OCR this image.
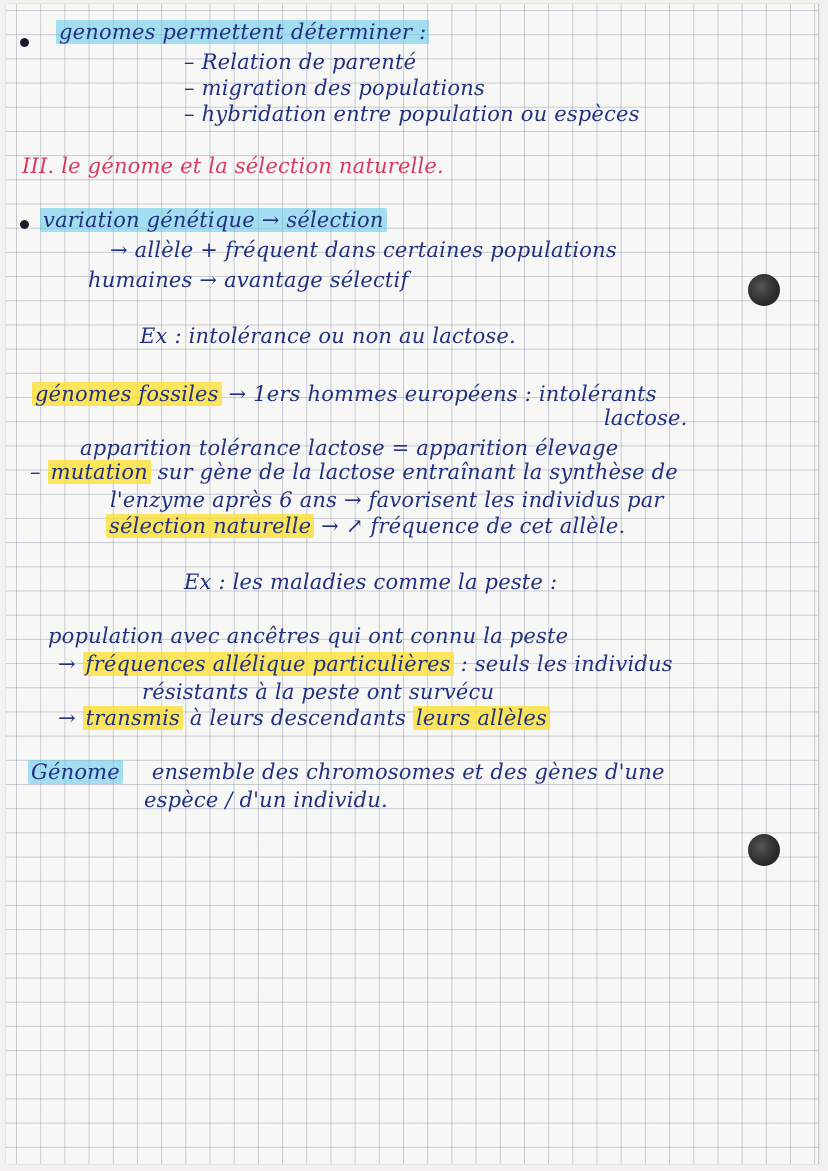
genomes permettent déterminer :
– Relation de parenté
– migration des populations
– hybridation entre population ou espèces
III. le génome et la sélection naturelle.
variation génétique → sélection
→ allèle + fréquent dans certaines populations
humaines → avantage sélectif
Ex : intolérance ou non au lactose.
génomes fossiles → 1ers hommes européens : intolérants
lactose.
apparition tolérance lactose = apparition élevage
– mutation sur gène de la lactose entraînant la synthèse de
l'enzyme après 6 ans → favorisent les individus par
sélection naturelle → ↗ fréquence de cet allèle.
Ex : les maladies comme la peste :
population avec ancêtres qui ont connu la peste
→ fréquences allélique particulières : seuls les individus
résistants à la peste ont survécu
→ transmis à leurs descendants leurs allèles
Génome ensemble des chromosomes et des gènes d'une
espèce / d'un individu.
